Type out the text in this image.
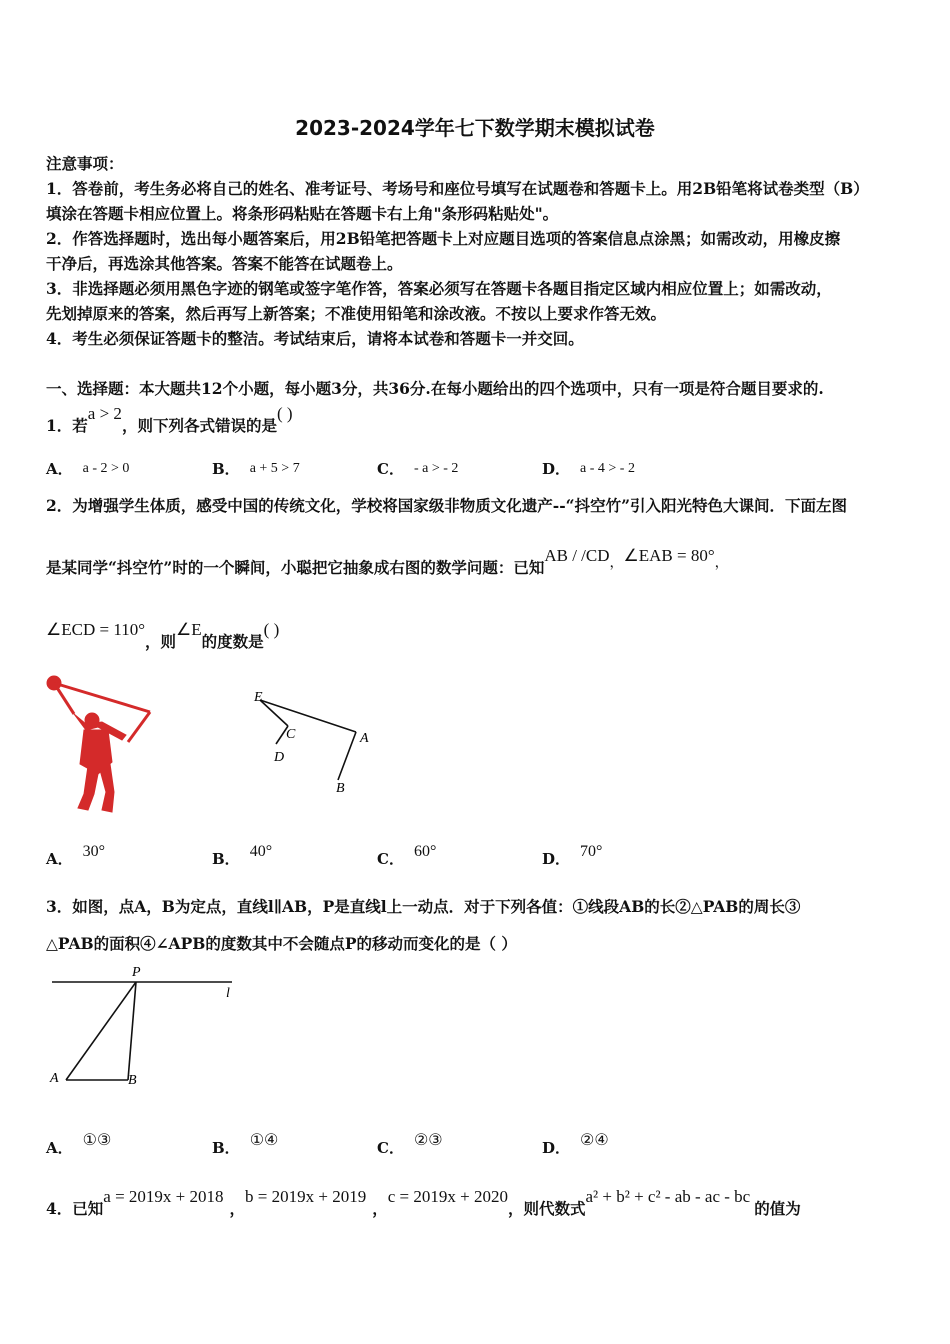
2023-2024学年七下数学期末模拟试卷
注意事项：
1．答卷前，考生务必将自己的姓名、准考证号、考场号和座位号填写在试题卷和答题卡上。用2B铅笔将试卷类型（B）
填涂在答题卡相应位置上。将条形码粘贴在答题卡右上角"条形码粘贴处"。
2．作答选择题时，选出每小题答案后，用2B铅笔把答题卡上对应题目选项的答案信息点涂黑；如需改动，用橡皮擦
干净后，再选涂其他答案。答案不能答在试题卷上。
3．非选择题必须用黑色字迹的钢笔或签字笔作答，答案必须写在答题卡各题目指定区域内相应位置上；如需改动，
先划掉原来的答案，然后再写上新答案；不准使用铅笔和涂改液。不按以上要求作答无效。
4．考生必须保证答题卡的整洁。考试结束后，请将本试卷和答题卡一并交回。
一、选择题：本大题共12个小题，每小题3分，共36分.在每小题给出的四个选项中，只有一项是符合题目要求的.
1．若a > 2，则下列各式错误的是( )
A． a - 2 > 0	B． a + 5 > 7	C． - a > - 2	D． a - 4 > - 2
2．为增强学生体质，感受中国的传统文化，学校将国家级非物质文化遗产--“抖空竹”引入阳光特色大课间．下面左图
是某同学“抖空竹”时的一个瞬间，小聪把它抽象成右图的数学问题：已知AB / /CD，∠EAB = 80°，
∠ECD = 110°，则∠E的度数是( )
E
C
D
A
B
A． 30°	B． 40°	C． 60°	D． 70°
3．如图，点A，B为定点，直线l∥AB，P是直线l上一动点．对于下列各值：①线段AB的长②△PAB的周长③
△PAB的面积④∠APB的度数其中不会随点P的移动而变化的是（ ）
P
l
A	B
A． ①③	B． ①④	C． ②③	D． ②④
4．已知a = 2019x + 2018，b = 2019x + 2019，c = 2019x + 2020，则代数式a² + b² + c² - ab - ac - bc的值为
